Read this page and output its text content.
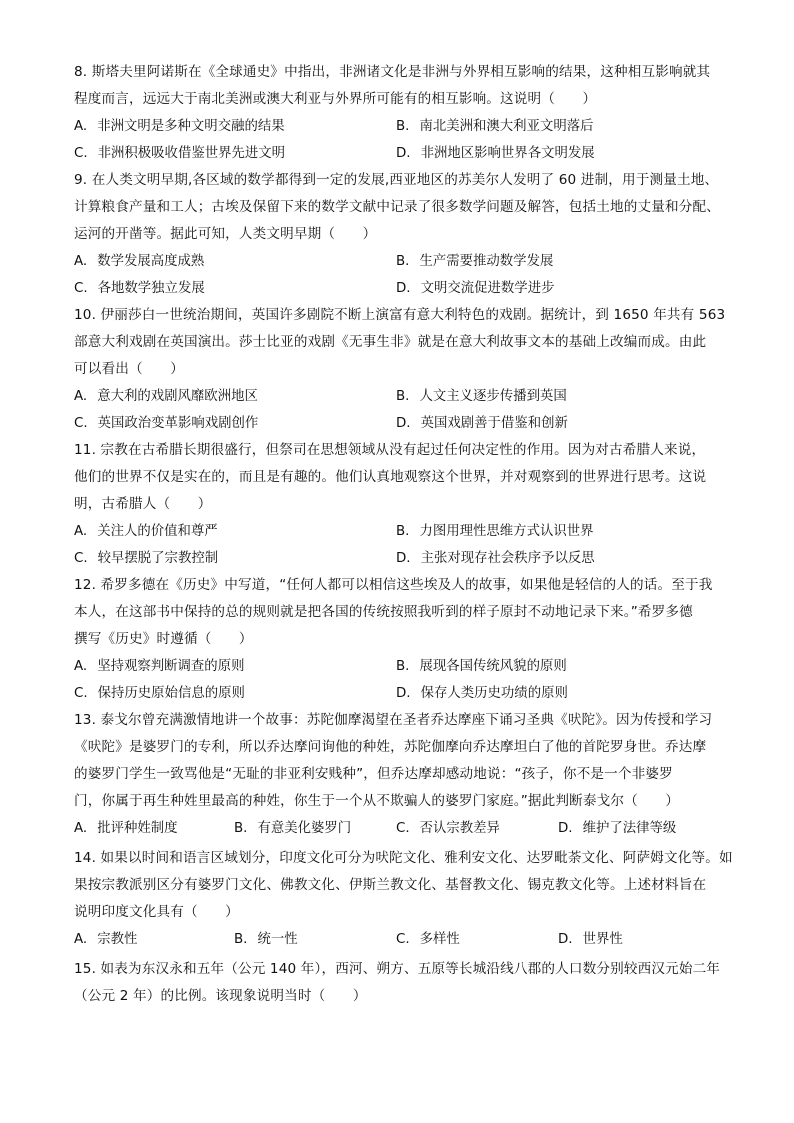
8. 斯塔夫里阿诺斯在《全球通史》中指出，非洲诸文化是非洲与外界相互影响的结果，这种相互影响就其
程度而言，远远大于南北美洲或澳大利亚与外界所可能有的相互影响。这说明（　　）

A. 非洲文明是多种文明交融的结果	B. 南北美洲和澳大利亚文明落后
C. 非洲积极吸收借鉴世界先进文明	D. 非洲地区影响世界各文明发展

9. 在人类文明早期,各区域的数学都得到一定的发展,西亚地区的苏美尔人发明了 60 进制，用于测量土地、
计算粮食产量和工人；古埃及保留下来的数学文献中记录了很多数学问题及解答，包括土地的丈量和分配、
运河的开凿等。据此可知，人类文明早期（　　）

A. 数学发展高度成熟	B. 生产需要推动数学发展
C. 各地数学独立发展	D. 文明交流促进数学进步

10. 伊丽莎白一世统治期间，英国许多剧院不断上演富有意大利特色的戏剧。据统计，到 1650 年共有 563
部意大利戏剧在英国演出。莎士比亚的戏剧《无事生非》就是在意大利故事文本的基础上改编而成。由此
可以看出（　　）

A. 意大利的戏剧风靡欧洲地区	B. 人文主义逐步传播到英国
C. 英国政治变革影响戏剧创作	D. 英国戏剧善于借鉴和创新

11. 宗教在古希腊长期很盛行，但祭司在思想领域从没有起过任何决定性的作用。因为对古希腊人来说，
他们的世界不仅是实在的，而且是有趣的。他们认真地观察这个世界，并对观察到的世界进行思考。这说
明，古希腊人（　　）

A. 关注人的价值和尊严	B. 力图用理性思维方式认识世界
C. 较早摆脱了宗教控制	D. 主张对现存社会秩序予以反思

12. 希罗多德在《历史》中写道，“任何人都可以相信这些埃及人的故事，如果他是轻信的人的话。至于我
本人，在这部书中保持的总的规则就是把各国的传统按照我听到的样子原封不动地记录下来。”希罗多德
撰写《历史》时遵循（　　）

A. 坚持观察判断调查的原则	B. 展现各国传统风貌的原则
C. 保持历史原始信息的原则	D. 保存人类历史功绩的原则

13. 泰戈尔曾充满激情地讲一个故事：苏陀伽摩渴望在圣者乔达摩座下诵习圣典《吠陀》。因为传授和学习
《吠陀》是婆罗门的专利，所以乔达摩问询他的种姓，苏陀伽摩向乔达摩坦白了他的首陀罗身世。乔达摩
的婆罗门学生一致骂他是“无耻的非亚利安贱种”，但乔达摩却感动地说：“孩子，你不是一个非婆罗
门，你属于再生种姓里最高的种姓，你生于一个从不欺骗人的婆罗门家庭。”据此判断泰戈尔（　　）

A. 批评种姓制度	B. 有意美化婆罗门	C. 否认宗教差异	D. 维护了法律等级

14. 如果以时间和语言区域划分，印度文化可分为吠陀文化、雅利安文化、达罗毗荼文化、阿萨姆文化等。如
果按宗教派别区分有婆罗门文化、佛教文化、伊斯兰教文化、基督教文化、锡克教文化等。上述材料旨在
说明印度文化具有（　　）

A. 宗教性	B. 统一性	C. 多样性	D. 世界性

15. 如表为东汉永和五年（公元 140 年），西河、朔方、五原等长城沿线八郡的人口数分别较西汉元始二年
（公元 2 年）的比例。该现象说明当时（　　）
